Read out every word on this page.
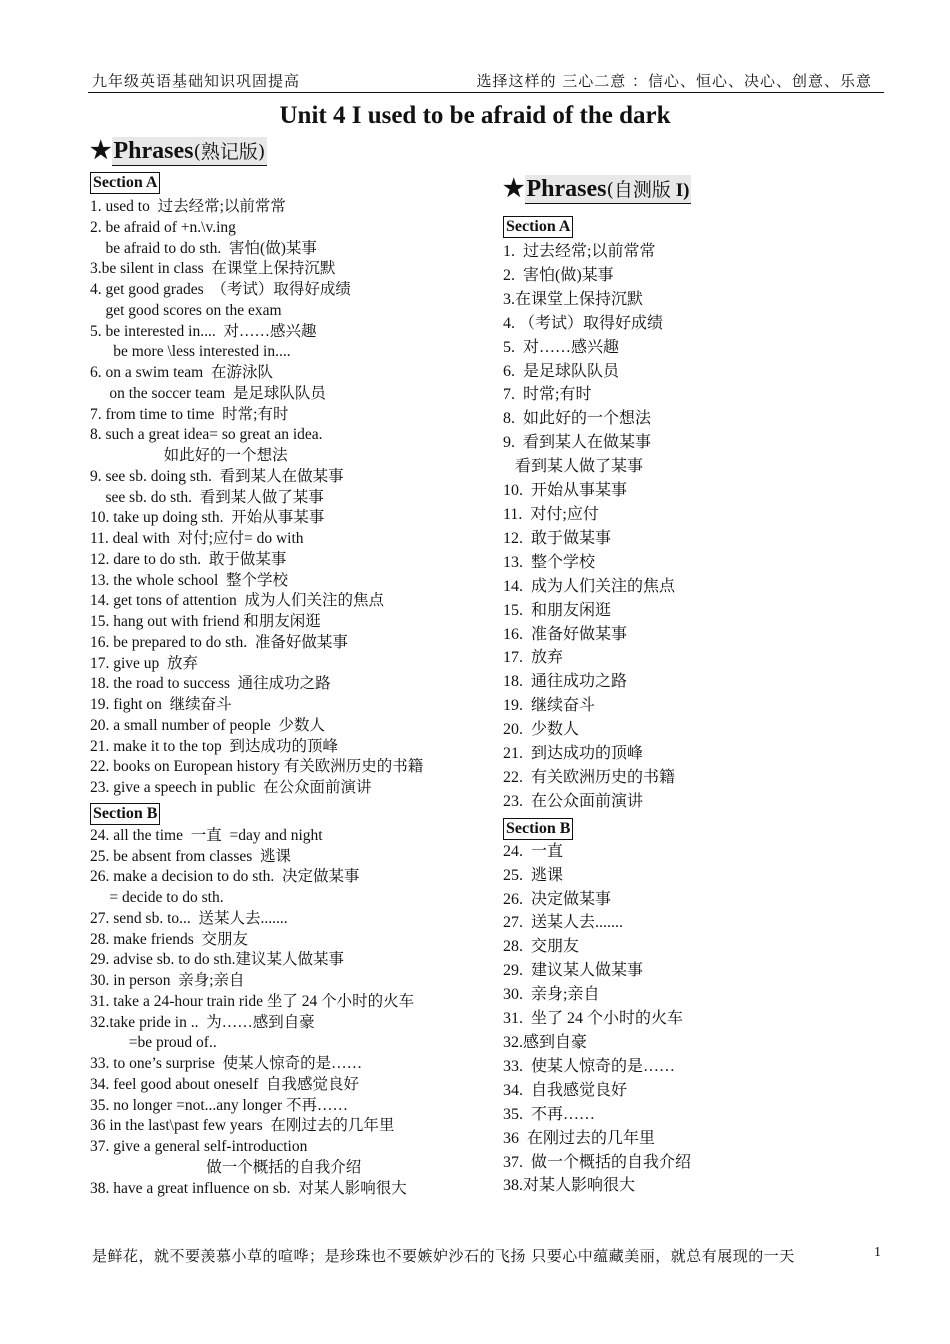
九年级英语基础知识巩固提高	选择这样的 三心二意 ：信心、恒心、决心、创意、乐意
Unit 4 I used to be afraid of the dark
★Phrases(熟记版)
Section A
1. used to  过去经常;以前常常
2. be afraid of +n.\v.ing
be afraid to do sth.  害怕(做)某事
3.be silent in class  在课堂上保持沉默
4. get good grades  （考试）取得好成绩
get good scores on the exam
5. be interested in....  对……感兴趣
be more \less interested in....
6. on a swim team  在游泳队
on the soccer team  是足球队队员
7. from time to time  时常;有时
8. such a great idea= so great an idea.
如此好的一个想法
9. see sb. doing sth.  看到某人在做某事
see sb. do sth.  看到某人做了某事
10. take up doing sth.  开始从事某事
11. deal with  对付;应付= do with
12. dare to do sth.  敢于做某事
13. the whole school  整个学校
14. get tons of attention  成为人们关注的焦点
15. hang out with friend 和朋友闲逛
16. be prepared to do sth.  准备好做某事
17. give up  放弃
18. the road to success  通往成功之路
19. fight on  继续奋斗
20. a small number of people  少数人
21. make it to the top  到达成功的顶峰
22. books on European history 有关欧洲历史的书籍
23. give a speech in public  在公众面前演讲
Section B
24. all the time  一直  =day and night
25. be absent from classes  逃课
26. make a decision to do sth.  决定做某事
= decide to do sth.
27. send sb. to...  送某人去.......
28. make friends  交朋友
29. advise sb. to do sth.建议某人做某事
30. in person  亲身;亲自
31. take a 24-hour train ride 坐了 24 个小时的火车
32.take pride in ..  为……感到自豪
=be proud of..
33. to one’s surprise  使某人惊奇的是……
34. feel good about oneself  自我感觉良好
35. no longer =not...any longer 不再……
36 in the last\past few years  在刚过去的几年里
37. give a general self-introduction
做一个概括的自我介绍
38. have a great influence on sb.  对某人影响很大
★Phrases(自测版 I)
Section A
1.  过去经常;以前常常
2.  害怕(做)某事
3.在课堂上保持沉默
4. （考试）取得好成绩
5.  对……感兴趣
6.  是足球队队员
7.  时常;有时
8.  如此好的一个想法
9.  看到某人在做某事
看到某人做了某事
10.  开始从事某事
11.  对付;应付
12.  敢于做某事
13.  整个学校
14.  成为人们关注的焦点
15.  和朋友闲逛
16.  准备好做某事
17.  放弃
18.  通往成功之路
19.  继续奋斗
20.  少数人
21.  到达成功的顶峰
22.  有关欧洲历史的书籍
23.  在公众面前演讲
Section B
24.  一直
25.  逃课
26.  决定做某事
27.  送某人去.......
28.  交朋友
29.  建议某人做某事
30.  亲身;亲自
31.  坐了 24 个小时的火车
32.感到自豪
33.  使某人惊奇的是……
34.  自我感觉良好
35.  不再……
36  在刚过去的几年里
37.  做一个概括的自我介绍
38.对某人影响很大
是鲜花，就不要羡慕小草的喧哗；是珍珠也不要嫉妒沙石的飞扬 只要心中蕴藏美丽，就总有展现的一天	1
